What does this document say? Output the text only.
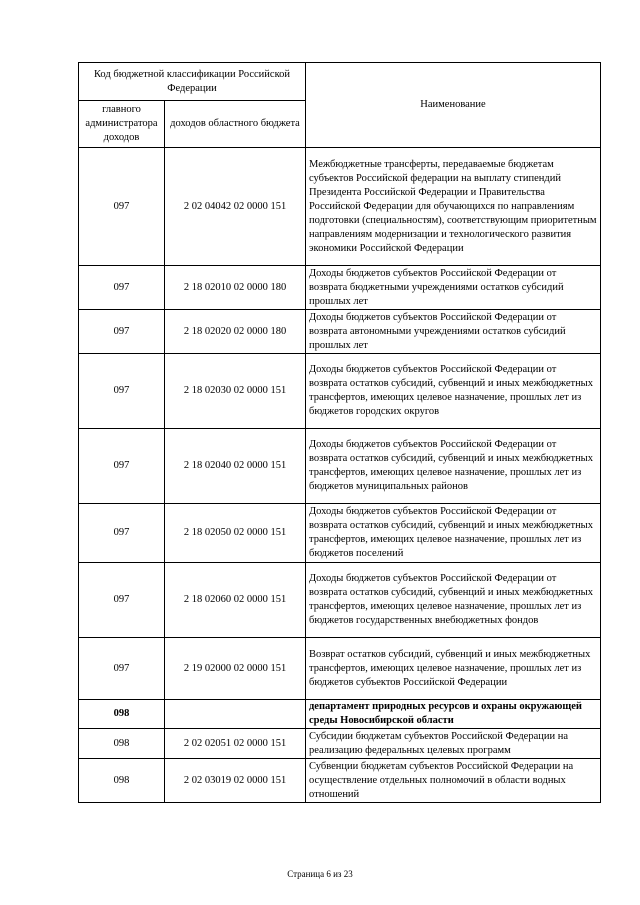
Код бюджетной классификации Российской Федерации		Наименование
главного администратора доходов	доходов областного бюджета	
097	2 02 04042 02 0000 151	Межбюджетные трансферты, передаваемые бюджетам субъектов Российской федерации на выплату стипендий Президента Российской Федерации и Правительства Российской Федерации для обучающихся по направлениям подготовки (специальностям), соответствующим приоритетным направлениям модернизации и технологического развития экономики Российской Федерации
097	2 18 02010 02 0000 180	Доходы бюджетов субъектов Российской Федерации от возврата бюджетными учреждениями остатков субсидий прошлых лет
097	2 18 02020 02 0000 180	Доходы бюджетов субъектов Российской Федерации от возврата автономными учреждениями остатков субсидий прошлых лет
097	2 18 02030 02 0000 151	Доходы бюджетов субъектов Российской Федерации от возврата остатков субсидий, субвенций и иных межбюджетных трансфертов, имеющих целевое назначение, прошлых лет из бюджетов городских округов
097	2 18 02040 02 0000 151	Доходы бюджетов субъектов Российской Федерации от возврата остатков субсидий, субвенций и иных межбюджетных трансфертов, имеющих целевое назначение, прошлых лет из бюджетов муниципальных районов
097	2 18 02050 02 0000 151	Доходы бюджетов субъектов Российской Федерации от возврата остатков субсидий, субвенций и иных межбюджетных трансфертов, имеющих целевое назначение, прошлых лет из бюджетов поселений
097	2 18 02060 02 0000 151	Доходы бюджетов субъектов Российской Федерации от возврата остатков субсидий, субвенций и иных межбюджетных трансфертов, имеющих целевое назначение, прошлых лет из бюджетов государственных внебюджетных фондов
097	2 19 02000 02 0000 151	Возврат остатков субсидий, субвенций и иных межбюджетных трансфертов, имеющих целевое назначение, прошлых лет из бюджетов субъектов Российской Федерации
098		департамент природных ресурсов и охраны окружающей среды Новосибирской области
098	2 02 02051 02 0000 151	Субсидии бюджетам субъектов Российской Федерации на реализацию федеральных целевых программ
098	2 02 03019 02 0000 151	Субвенции бюджетам субъектов Российской Федерации на осуществление отдельных полномочий в области водных отношений
Страница 6 из 23
